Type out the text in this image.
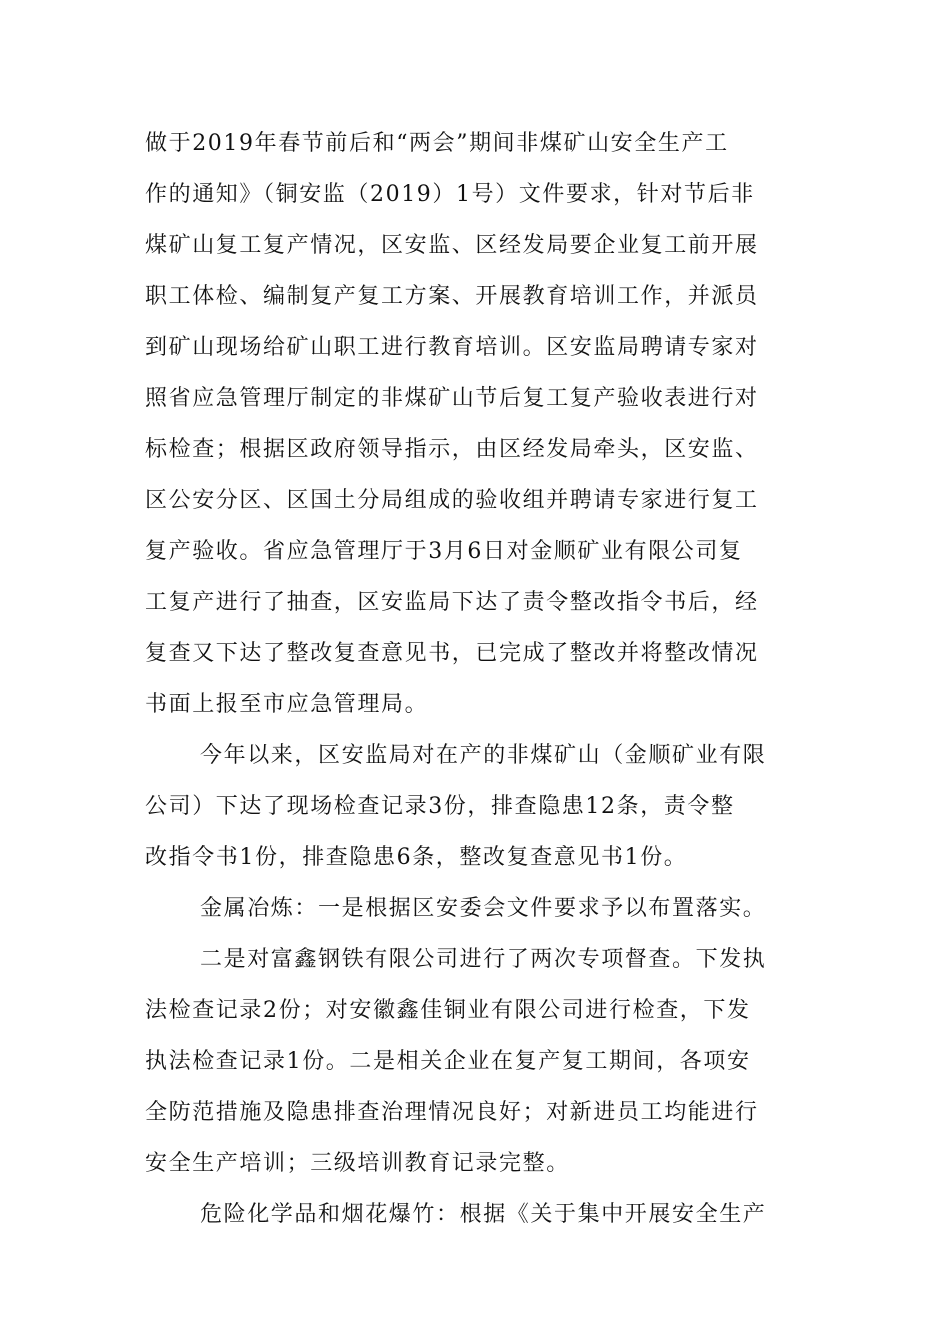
做于2019年春节前后和“两会”期间非煤矿山安全生产工
作的通知》（铜安监（2019）1号）文件要求，针对节后非
煤矿山复工复产情况，区安监、区经发局要企业复工前开展
职工体检、编制复产复工方案、开展教育培训工作，并派员
到矿山现场给矿山职工进行教育培训。区安监局聘请专家对
照省应急管理厅制定的非煤矿山节后复工复产验收表进行对
标检查；根据区政府领导指示，由区经发局牵头，区安监、
区公安分区、区国土分局组成的验收组并聘请专家进行复工
复产验收。省应急管理厅于3月6日对金顺矿业有限公司复
工复产进行了抽查，区安监局下达了责令整改指令书后，经
复查又下达了整改复查意见书，已完成了整改并将整改情况
书面上报至市应急管理局。
今年以来，区安监局对在产的非煤矿山（金顺矿业有限
公司）下达了现场检查记录3份，排查隐患12条，责令整
改指令书1份，排查隐患6条，整改复查意见书1份。
金属冶炼：一是根据区安委会文件要求予以布置落实。
二是对富鑫钢铁有限公司进行了两次专项督查。下发执
法检查记录2份；对安徽鑫佳铜业有限公司进行检查，下发
执法检查记录1份。二是相关企业在复产复工期间，各项安
全防范措施及隐患排查治理情况良好；对新进员工均能进行
安全生产培训；三级培训教育记录完整。
危险化学品和烟花爆竹：根据《关于集中开展安全生产
